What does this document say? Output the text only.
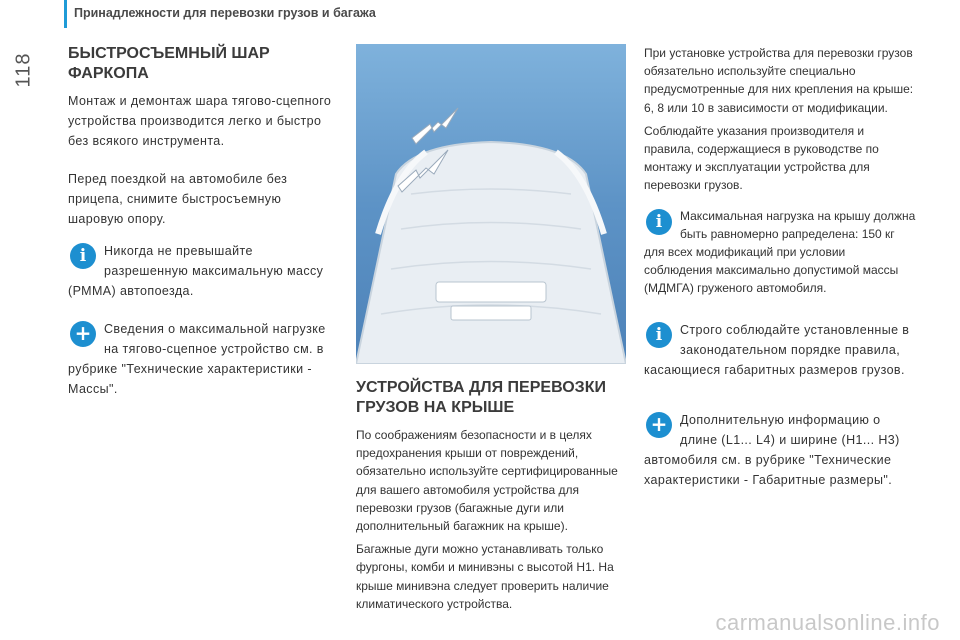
Принадлежности для перевозки грузов и багажа
118 БЫСТРОСЪЕМНЫЙ ШАР ФАРКОПА

Монтаж и демонтаж шара тягово-сцепного устройства производится легко и быстро без всякого инструмента.

Перед поездкой на автомобиле без прицепа, снимите быстросъемную шаровую опору.

i	Никогда не превышайте разрешенную максимальную массу (РММА) автопоезда.

+	Сведения о максимальной нагрузке на тягово-сцепное устройство см. в рубрике "Технические характеристики - Массы".	УСТРОЙСТВА ДЛЯ ПЕРЕВОЗКИ ГРУЗОВ НА КРЫШЕ

По соображениям безопасности и в целях предохранения крыши от повреждений, обязательно используйте сертифицированные для вашего автомобиля устройства для перевозки грузов (багажные дуги или дополнительный багажник на крыше).

Багажные дуги можно устанавливать только фургоны, комби и минивэны с высотой H1. На крыше минивэна следует проверить наличие климатического устройства.

При установке устройства для перевозки грузов обязательно используйте специально предусмотренные для них крепления на крыше: 6, 8 или 10 в зависимости от модификации.

Соблюдайте указания производителя и правила, содержащиеся в руководстве по монтажу и эксплуатации устройства для перевозки грузов.

i	Максимальная нагрузка на крышу должна быть равномерно рапределена: 150 кг для всех модификаций при условии соблюдения максимально допустимой массы (МДМГА) груженого автомобиля.

i	Строго соблюдайте установленные в законодательном порядке правила, касающиеся габаритных размеров грузов.

+	Дополнительную информацию о длине (L1... L4) и ширине (H1... H3) автомобиля см. в рубрике "Технические характеристики - Габаритные размеры".

carmanualsonline.info
